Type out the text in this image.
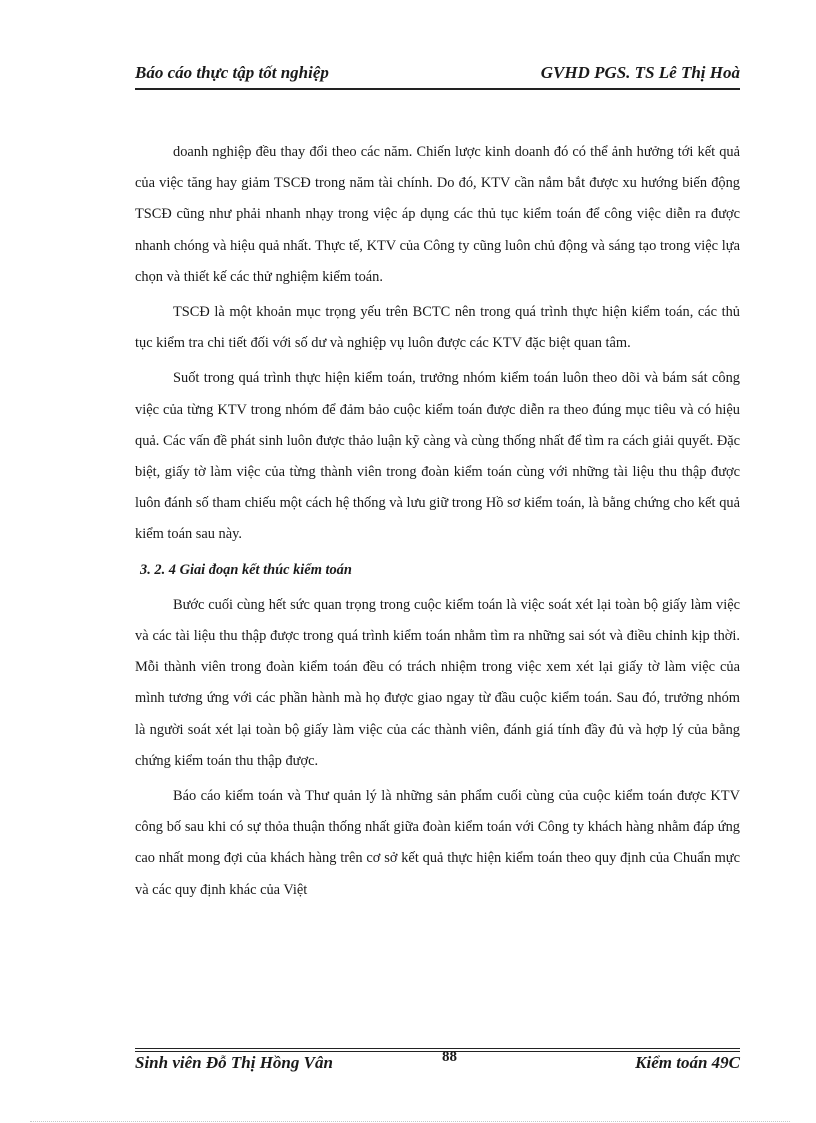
Báo cáo thực tập tốt nghiệp	GVHD PGS. TS Lê Thị Hoà

doanh nghiệp đều thay đổi theo các năm. Chiến lược kinh doanh đó có thể ảnh hưởng tới kết quả của việc tăng hay giảm TSCĐ trong năm tài chính. Do đó, KTV cần nắm bắt được xu hướng biến động TSCĐ cũng như phải nhanh nhạy trong việc áp dụng các thủ tục kiểm toán để công việc diễn ra được nhanh chóng và hiệu quả nhất. Thực tế, KTV của Công ty cũng luôn chủ động và sáng tạo trong việc lựa chọn và thiết kế các thử nghiệm kiểm toán.

TSCĐ là một khoản mục trọng yếu trên BCTC nên trong quá trình thực hiện kiểm toán, các thủ tục kiểm tra chi tiết đối với số dư và nghiệp vụ luôn được các KTV đặc biệt quan tâm.

Suốt trong quá trình thực hiện kiểm toán, trưởng nhóm kiểm toán luôn theo dõi và bám sát công việc của từng KTV trong nhóm để đảm bảo cuộc kiểm toán được diễn ra theo đúng mục tiêu và có hiệu quả. Các vấn đề phát sinh luôn được thảo luận kỹ càng và cùng thống nhất để tìm ra cách giải quyết. Đặc biệt, giấy tờ làm việc của từng thành viên trong đoàn kiểm toán cùng với những tài liệu thu thập được luôn đánh số tham chiếu một cách hệ thống và lưu giữ trong Hồ sơ kiểm toán, là bằng chứng cho kết quả kiểm toán sau này.

3. 2. 4 Giai đoạn kết thúc kiểm toán

Bước cuối cùng hết sức quan trọng trong cuộc kiểm toán là việc soát xét lại toàn bộ giấy làm việc và các tài liệu thu thập được trong quá trình kiểm toán nhằm tìm ra những sai sót và điều chỉnh kịp thời. Mỗi thành viên trong đoàn kiểm toán đều có trách nhiệm trong việc xem xét lại giấy tờ làm việc của mình tương ứng với các phần hành mà họ được giao ngay từ đầu cuộc kiểm toán. Sau đó, trưởng nhóm là người soát xét lại toàn bộ giấy làm việc của các thành viên, đánh giá tính đầy đủ và hợp lý của bằng chứng kiểm toán thu thập được.

Báo cáo kiểm toán và Thư quản lý là những sản phẩm cuối cùng của cuộc kiểm toán được KTV công bố sau khi có sự thỏa thuận thống nhất giữa đoàn kiểm toán với Công ty khách hàng nhằm đáp ứng cao nhất mong đợi của khách hàng trên cơ sở kết quả thực hiện kiểm toán theo quy định của Chuẩn mực và các quy định khác của Việt

Sinh viên Đỗ Thị Hồng Vân	88	Kiểm toán 49C
